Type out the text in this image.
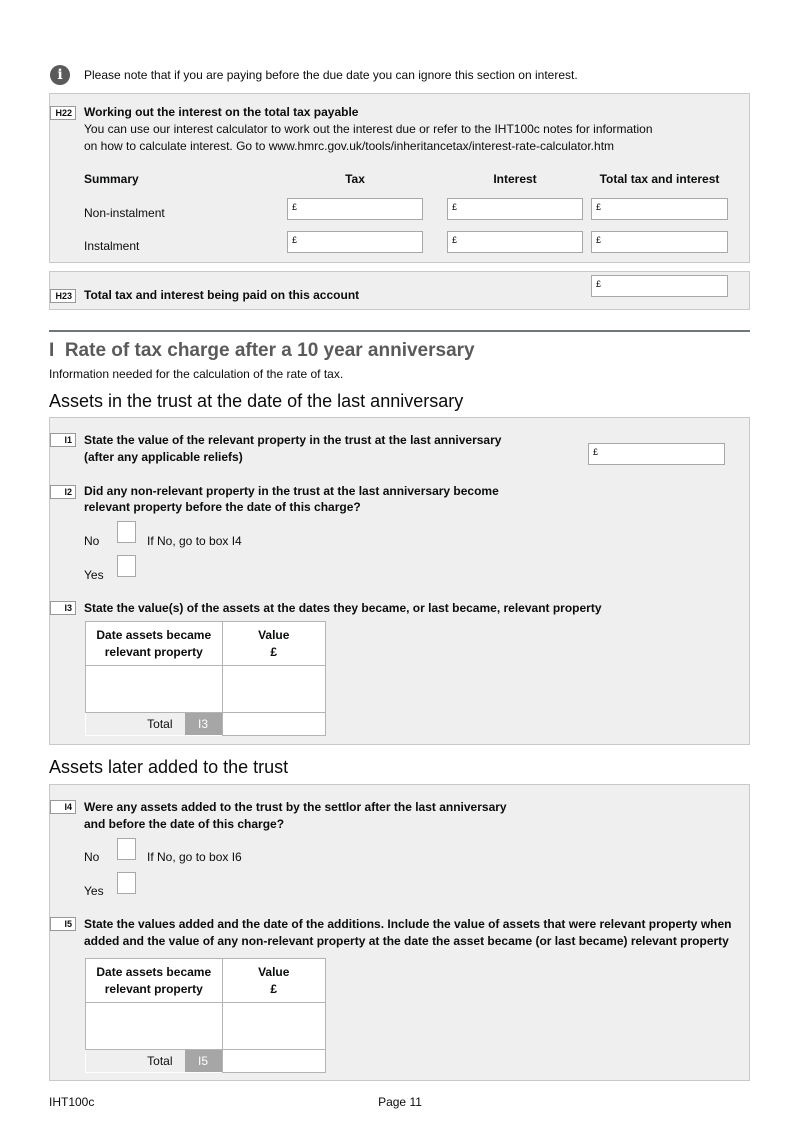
i	Please note that if you are paying before the due date you can ignore this section on interest.
H22	Working out the interest on the total tax payable
You can use our interest calculator to work out the interest due or refer to the IHT100c notes for information
on how to calculate interest. Go to www.hmrc.gov.uk/tools/inheritancetax/interest-rate-calculator.htm
Summary	Tax	Interest	Total tax and interest
Non-instalment	£	£	£
Instalment	£	£	£
H23	Total tax and interest being paid on this account
£
I  Rate of tax charge after a 10 year anniversary
Information needed for the calculation of the rate of tax.
Assets in the trust at the date of the last anniversary
I1	State the value of the relevant property in the trust at the last anniversary
(after any applicable reliefs)	£
I2	Did any non-relevant property in the trust at the last anniversary become
relevant property before the date of this charge?
No	If No, go to box I4
Yes
I3	State the value(s) of the assets at the dates they became, or last became, relevant property
Date assets became
relevant property	Value
£

Total I3	

Assets later added to the trust
I4	Were any assets added to the trust by the settlor after the last anniversary
and before the date of this charge?
No	If No, go to box I6
Yes
I5	State the values added and the date of the additions. Include the value of assets that were relevant property when
added and the value of any non-relevant property at the date the asset became (or last became) relevant property
Date assets became
relevant property	Value
£

Total I5	

IHT100c	Page 11
